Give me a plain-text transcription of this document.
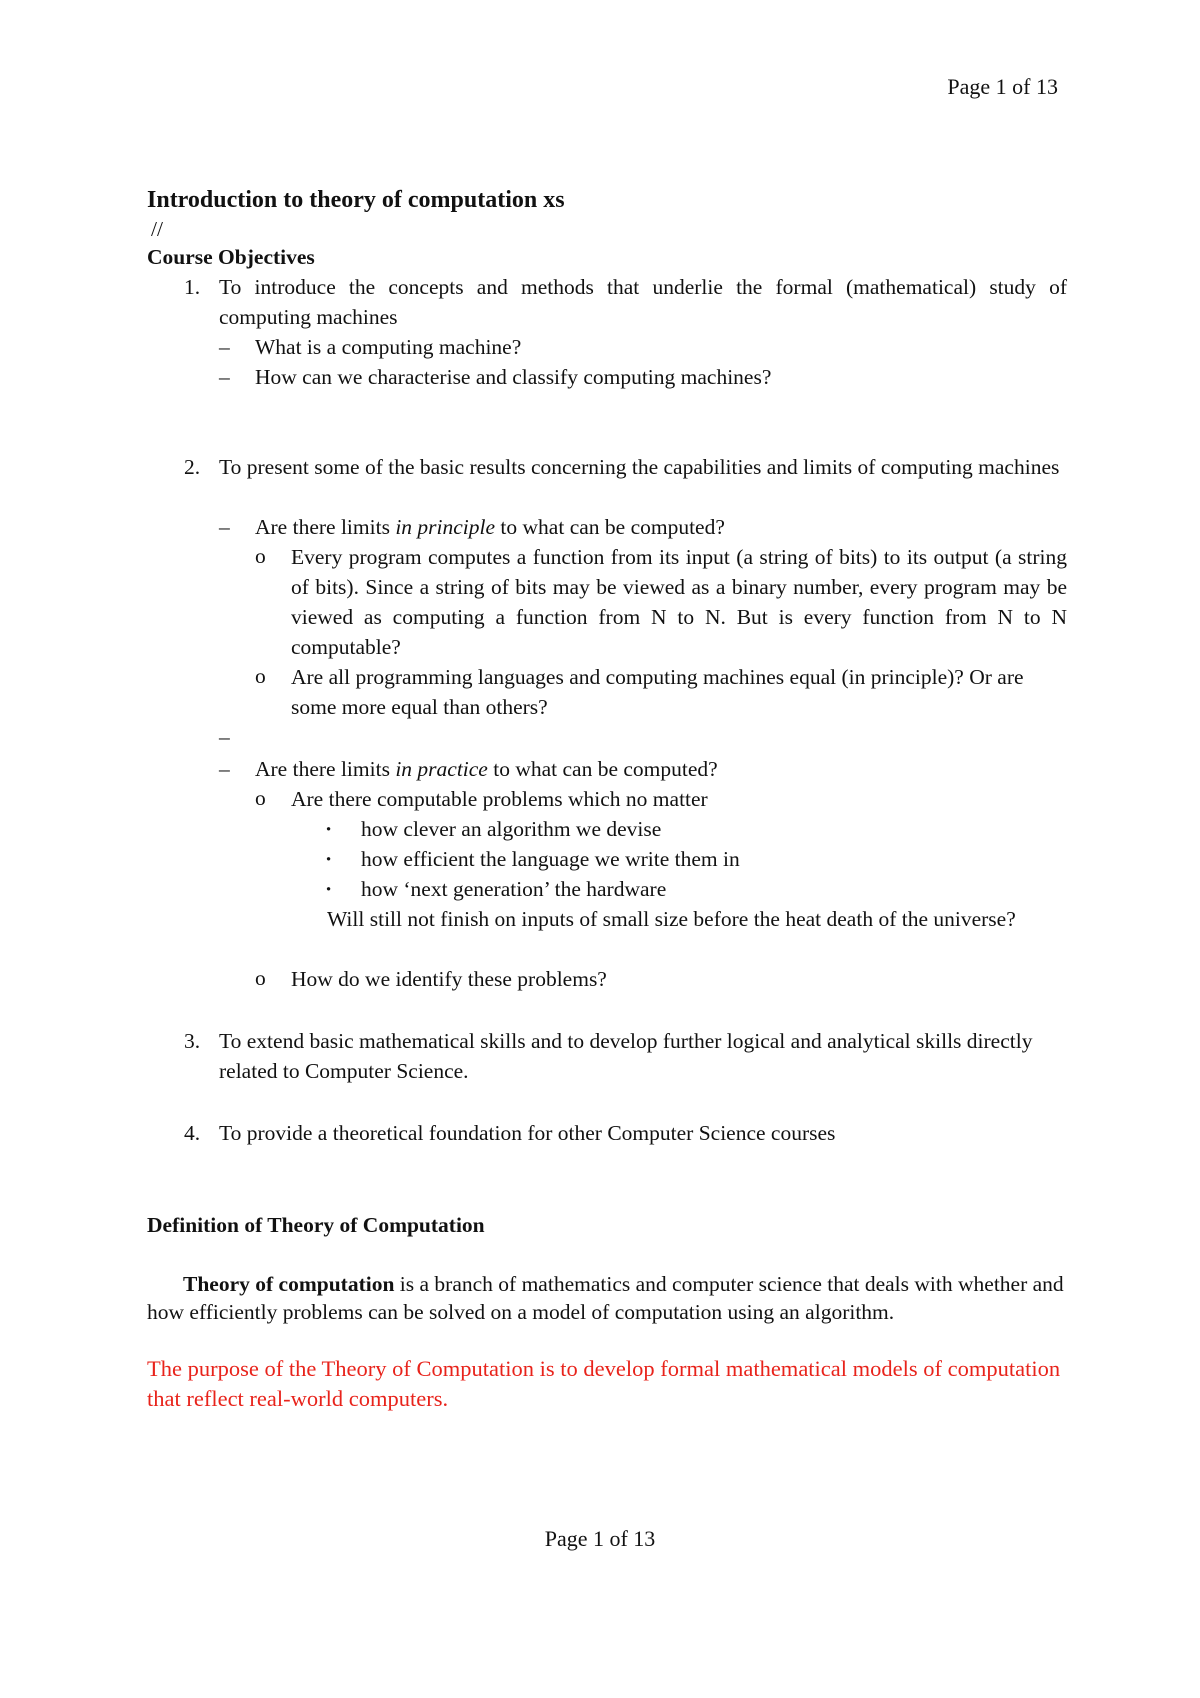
Page 1 of 13
Introduction to theory of computation xs
//
Course Objectives
1. To introduce the concepts and methods that underlie the formal (mathematical) study of computing machines
– What is a computing machine?
– How can we characterise and classify computing machines?
2. To present some of the basic results concerning the capabilities and limits of computing machines
– Are there limits in principle to what can be computed?
o Every program computes a function from its input (a string of bits) to its output (a string of bits). Since a string of bits may be viewed as a binary number, every program may be viewed as computing a function from N to N. But is every function from N to N computable?
o Are all programming languages and computing machines equal (in principle)? Or are some more equal than others?
–
– Are there limits in practice to what can be computed?
o Are there computable problems which no matter
· how clever an algorithm we devise
· how efficient the language we write them in
· how ‘next generation’ the hardware
Will still not finish on inputs of small size before the heat death of the universe?
o How do we identify these problems?
3. To extend basic mathematical skills and to develop further logical and analytical skills directly related to Computer Science.
4. To provide a theoretical foundation for other Computer Science courses
Definition of Theory of Computation

Theory of computation is a branch of mathematics and computer science that deals with whether and how efficiently problems can be solved on a model of computation using an algorithm.

The purpose of the Theory of Computation is to develop formal mathematical models of computation that reflect real-world computers.

Page 1 of 13
